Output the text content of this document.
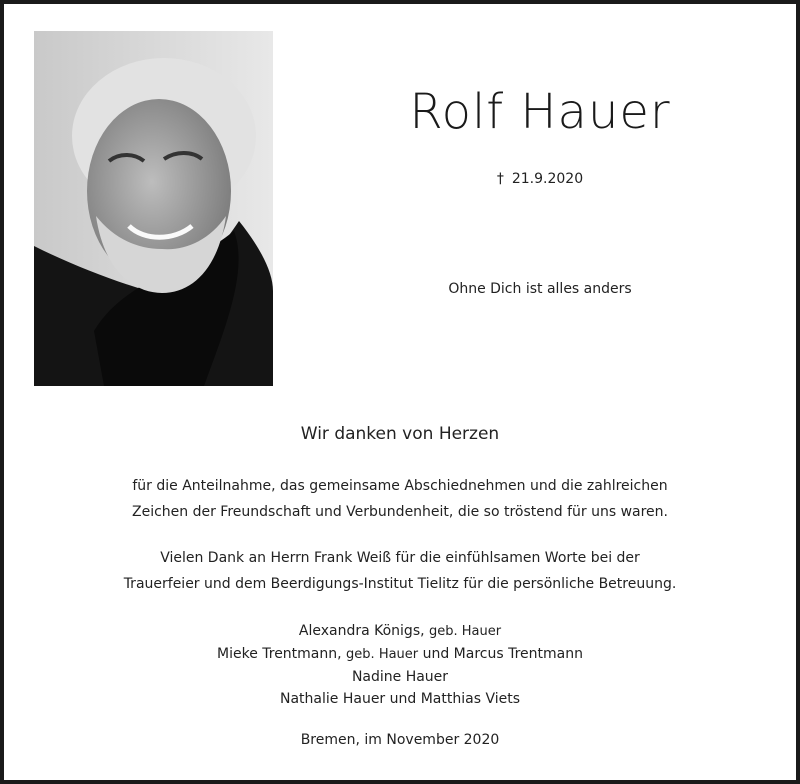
Rolf Hauer
† 21.9.2020
Ohne Dich ist alles anders
Wir danken von Herzen
für die Anteilnahme, das gemeinsame Abschiednehmen und die zahlreichen
Zeichen der Freundschaft und Verbundenheit, die so tröstend für uns waren.
Vielen Dank an Herrn Frank Weiß für die einfühlsamen Worte bei der
Trauerfeier und dem Beerdigungs-Institut Tielitz für die persönliche Betreuung.
Alexandra Königs, geb. Hauer
Mieke Trentmann, geb. Hauer und Marcus Trentmann
Nadine Hauer
Nathalie Hauer und Matthias Viets
Bremen, im November 2020
